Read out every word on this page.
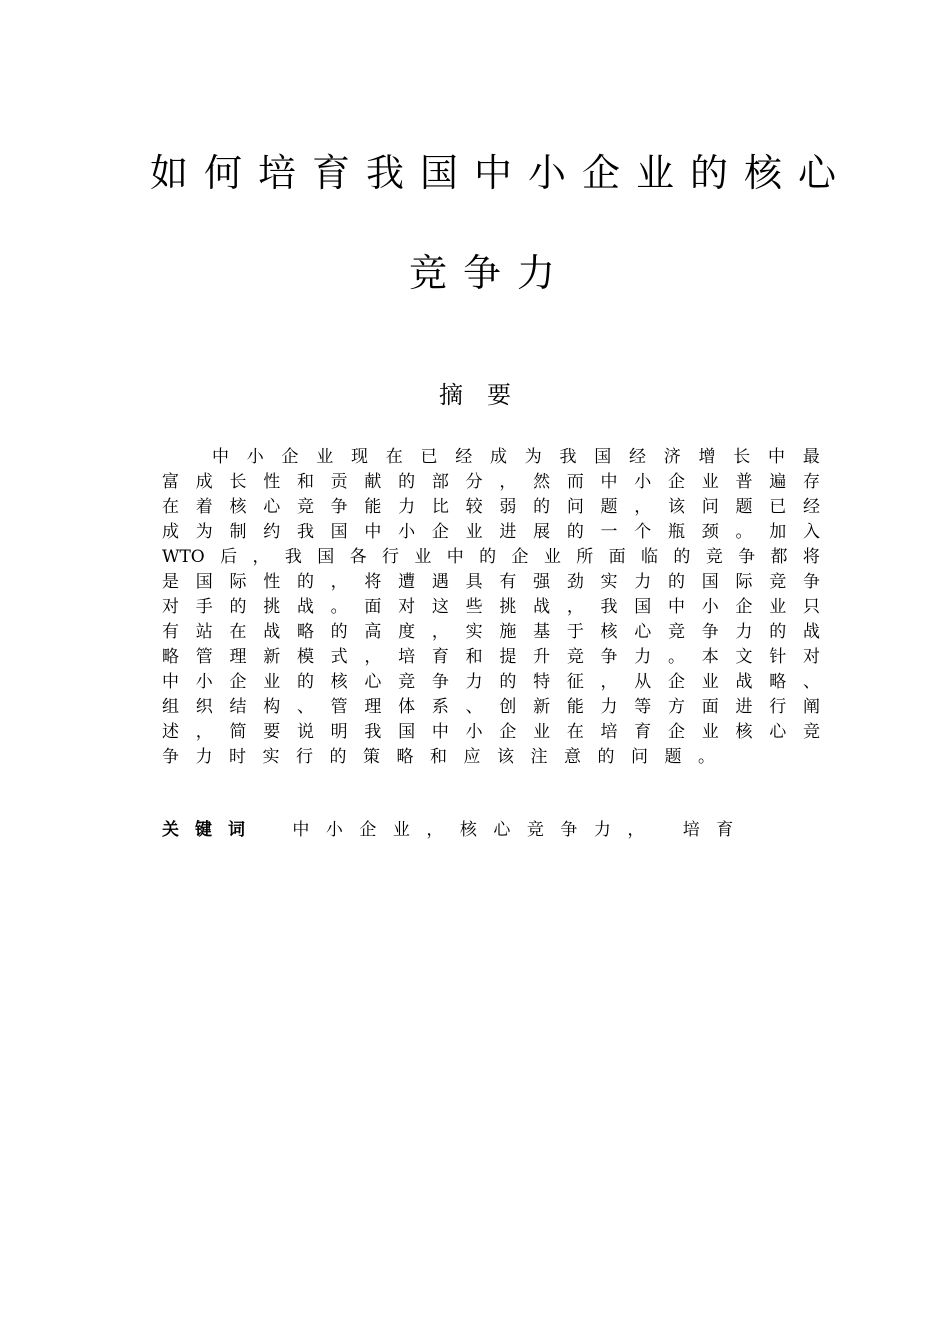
如何培育我国中小企业的核心
竞争力
摘　要
中 小 企 业 现 在 已 经 成 为 我 国 经 济 增 长 中 最
富 成 长 性 和 贡 献 的 部 分 ， 然 而 中 小 企 业 普 遍 存
在 着 核 心 竞 争 能 力 比 较 弱 的 问 题 ， 该 问 题 已 经
成 为 制 约 我 国 中 小 企 业 进 展 的 一 个 瓶 颈 。 加 入
WTO 后 ， 我 国 各 行 业 中 的 企 业 所 面 临 的 竞 争 都 将
是 国 际 性 的 ， 将 遭 遇 具 有 强 劲 实 力 的 国 际 竞 争
对 手 的 挑 战 。 面 对 这 些 挑 战 ， 我 国 中 小 企 业 只
有 站 在 战 略 的 高 度 ， 实 施 基 于 核 心 竞 争 力 的 战
略 管 理 新 模 式 ， 培 育 和 提 升 竞 争 力 。 本 文 针 对
中 小 企 业 的 核 心 竞 争 力 的 特 征 ， 从 企 业 战 略 、
组 织 结 构 、 管 理 体 系 、 创 新 能 力 等 方 面 进 行 阐
述 ， 简 要 说 明 我 国 中 小 企 业 在 培 育 企 业 核 心 竞
争 力 时 实 行 的 策 略 和 应 该 注 意 的 问 题 。
关键词 中小企业，核心竞争力， 培育
